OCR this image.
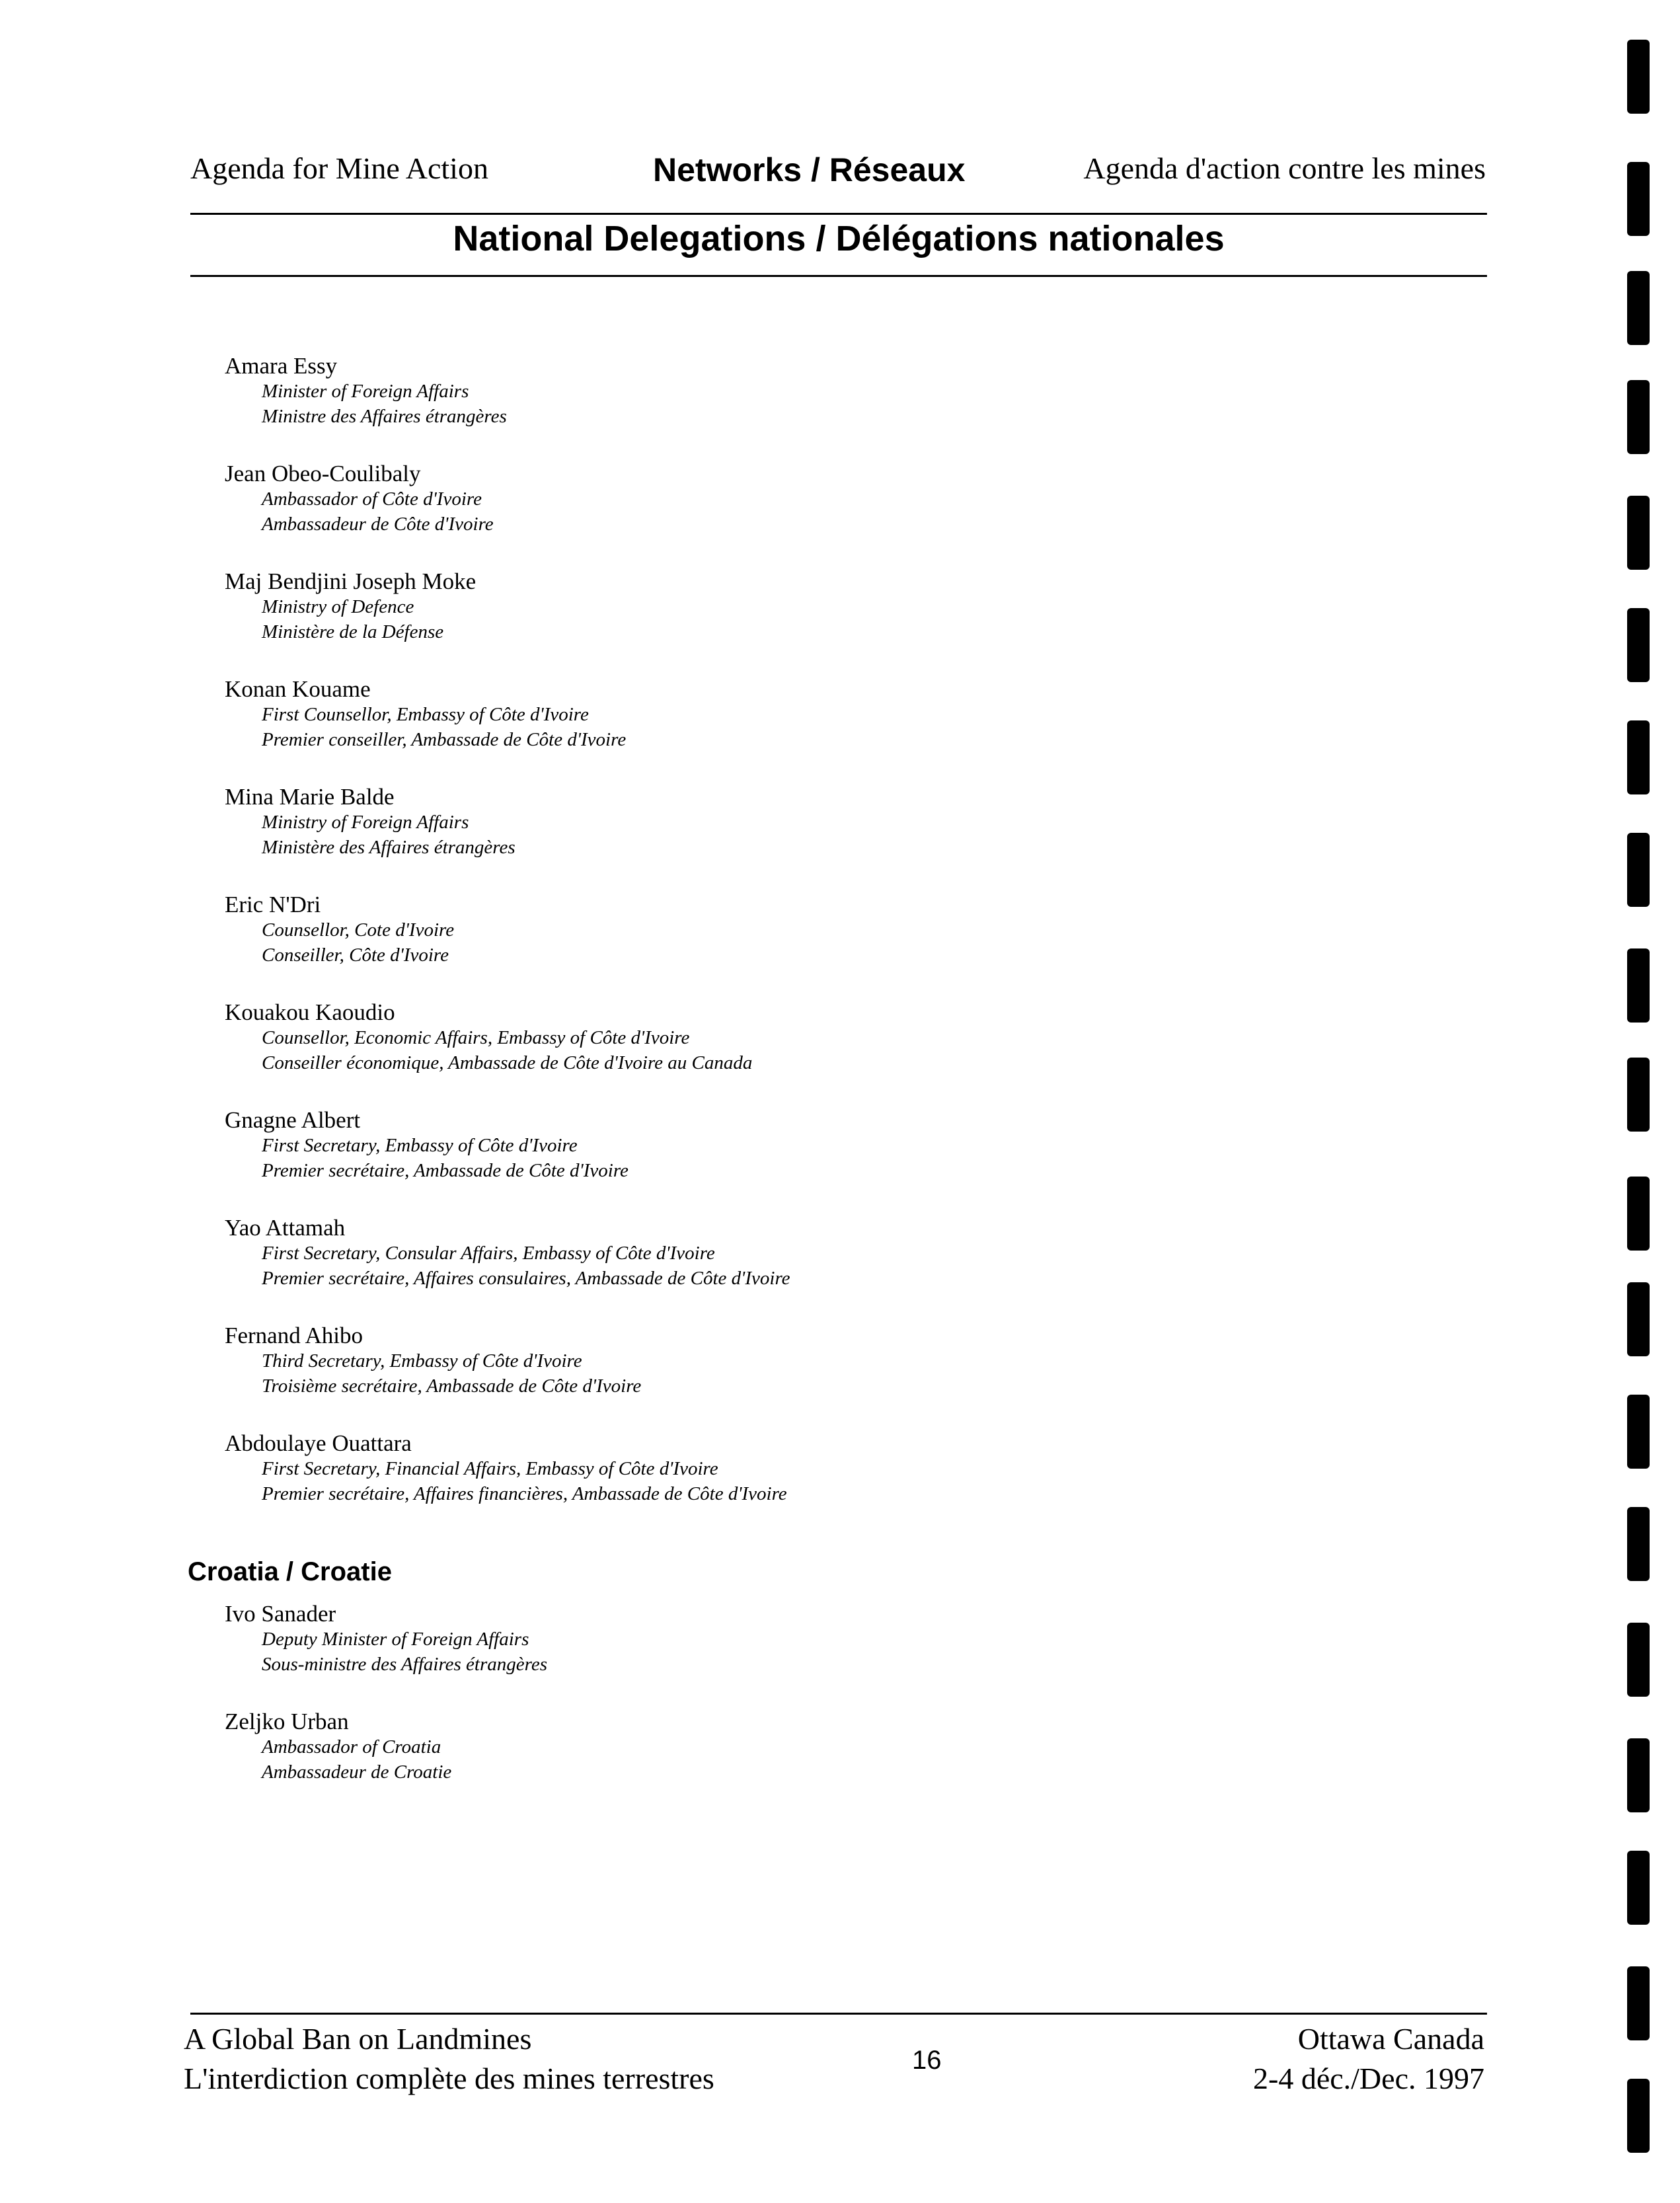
Agenda for Mine Action	Networks / Réseaux	Agenda d'action contre les mines
National Delegations / Délégations nationales
Amara Essy
Minister of Foreign Affairs
Ministre des Affaires étrangères
Jean Obeo-Coulibaly
Ambassador of Côte d'Ivoire
Ambassadeur de Côte d'Ivoire
Maj Bendjini Joseph Moke
Ministry of Defence
Ministère de la Défense
Konan Kouame
First Counsellor, Embassy of Côte d'Ivoire
Premier conseiller, Ambassade de Côte d'Ivoire
Mina Marie Balde
Ministry of Foreign Affairs
Ministère des Affaires étrangères
Eric N'Dri
Counsellor, Cote d'Ivoire
Conseiller, Côte d'Ivoire
Kouakou Kaoudio
Counsellor, Economic Affairs, Embassy of Côte d'Ivoire
Conseiller économique, Ambassade de Côte d'Ivoire au Canada
Gnagne Albert
First Secretary, Embassy of Côte d'Ivoire
Premier secrétaire, Ambassade de Côte d'Ivoire
Yao Attamah
First Secretary, Consular Affairs, Embassy of Côte d'Ivoire
Premier secrétaire, Affaires consulaires, Ambassade de Côte d'Ivoire
Fernand Ahibo
Third Secretary, Embassy of Côte d'Ivoire
Troisième secrétaire, Ambassade de Côte d'Ivoire
Abdoulaye Ouattara
First Secretary, Financial Affairs, Embassy of Côte d'Ivoire
Premier secrétaire, Affaires financières, Ambassade de Côte d'Ivoire
Croatia / Croatie
Ivo Sanader
Deputy Minister of Foreign Affairs
Sous-ministre des Affaires étrangères
Zeljko Urban
Ambassador of Croatia
Ambassadeur de Croatie
A Global Ban on Landmines
L'interdiction complète des mines terrestres
16
Ottawa Canada
2-4 déc./Dec. 1997
